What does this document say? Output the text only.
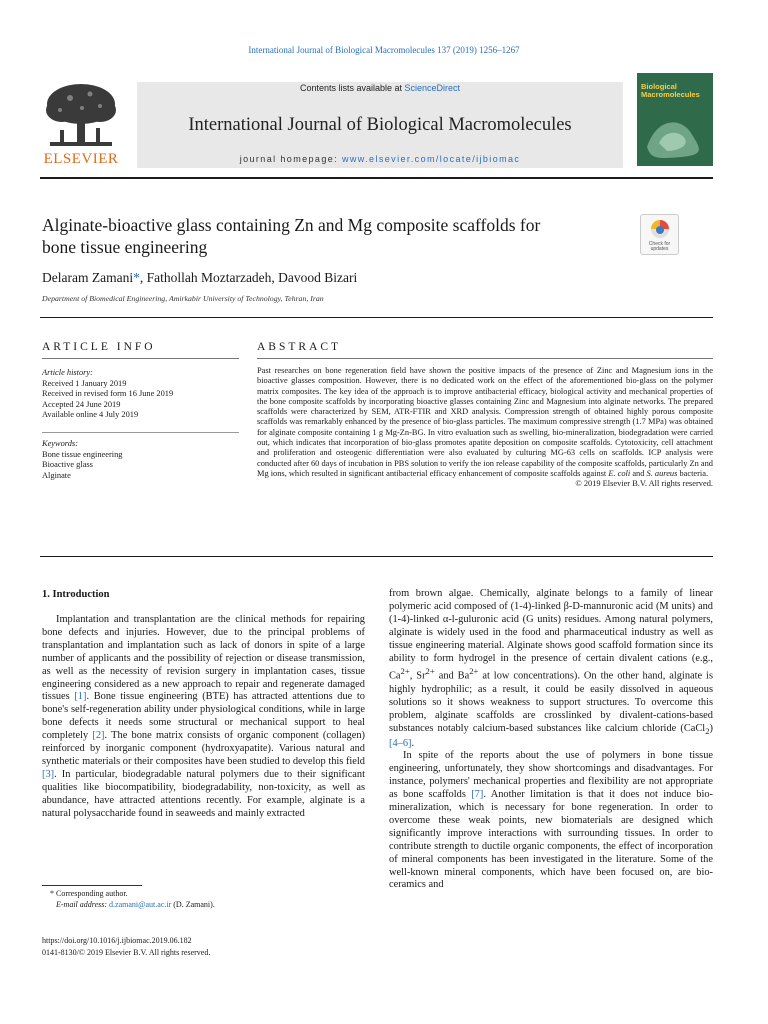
International Journal of Biological Macromolecules 137 (2019) 1256–1267
ELSEVIER
Contents lists available at ScienceDirect
International Journal of Biological Macromolecules
journal homepage: www.elsevier.com/locate/ijbiomac
Biological
Macromolecules
Alginate-bioactive glass containing Zn and Mg composite scaffolds for
bone tissue engineering	Check for
updates
Delaram Zamani*, Fathollah Moztarzadeh, Davood Bizari
Department of Biomedical Engineering, Amirkabir University of Technology, Tehran, Iran
ARTICLE INFO
Article history:
Received 1 January 2019
Received in revised form 16 June 2019
Accepted 24 June 2019
Available online 4 July 2019
Keywords:
Bone tissue engineering
Bioactive glass
Alginate
ABSTRACT
Past researches on bone regeneration field have shown the positive impacts of the presence of Zinc and Magnesium ions in the bioactive glasses composition. However, there is no dedicated work on the effect of the aforementioned bio-glass on the polymer matrix composites. The key idea of the approach is to improve antibacterial efficacy, biological activity and mechanical properties of the bone composite scaffolds by incorporating bioactive glasses containing Zinc and Magnesium into alginate networks. The prepared scaffolds were characterized by SEM, ATR-FTIR and XRD analysis. Compression strength of obtained highly porous composite scaffolds was remarkably enhanced by the presence of bio-glass particles. The maximum compressive strength (1.7 MPa) was obtained for alginate composite containing 1 g Mg-Zn-BG. In vitro evaluation such as swelling, bio-mineralization, biodegradation were carried out, which indicates that incorporation of bio-glass promotes apatite deposition on composite scaffolds. Cytotoxicity, cell attachment and proliferation and osteogenic differentiation were also evaluated by culturing MG-63 cells on scaffolds. ICP analysis were conducted after 60 days of incubation in PBS solution to verify the ion release capability of the composite scaffolds, particularly Zn and Mg ions, which resulted in significant antibacterial efficacy enhancement of composite scaffolds against E. coli and S. aureus bacteria.
© 2019 Elsevier B.V. All rights reserved.
1. Introduction

Implantation and transplantation are the clinical methods for repairing bone defects and injuries. However, due to the principal problems of transplantation and implantation such as lack of donors in spite of a large number of applicants and the possibility of rejection or disease transmission, as well as the necessity of revision surgery in implantation cases, tissue engineering considered as a new approach to repair and regenerate damaged tissues [1]. Bone tissue engineering (BTE) has attracted attentions due to bone's self-regeneration ability under physiological conditions, while in large bone defects it needs some structural or mechanical support to heal completely [2]. The bone matrix consists of organic component (collagen) reinforced by inorganic component (hydroxyapatite). Various natural and synthetic materials or their composites have been studied to develop this field [3]. In particular, biodegradable natural polymers due to their significant qualities like biocompatibility, biodegradability, non-toxicity, as well as abundance, have attracted attentions recently. For example, alginate is a natural polysaccharide found in seaweeds and mainly extracted

from brown algae. Chemically, alginate belongs to a family of linear polymeric acid composed of (1-4)-linked β-D-mannuronic acid (M units) and (1-4)-linked α-l-guluronic acid (G units) residues. Among natural polymers, alginate is widely used in the food and pharmaceutical industry as well as tissue engineering material. Alginate shows good scaffold formation since its ability to form hydrogel in the presence of certain divalent cations (e.g., $Ca^{2+}$, $Sr^{2+}$ and $Ba^{2+}$ at low concentrations). On the other hand, alginate is highly hydrophilic; as a result, it could be easily dissolved in aqueous solutions so it shows weakness to support structures. To overcome this problem, alginate scaffolds are crosslinked by divalent-cations-based substances notably calcium-based substances like calcium chloride (CaCl$_2$) [4–6].

In spite of the reports about the use of polymers in bone tissue engineering, unfortunately, they show shortcomings and disadvantages. For instance, polymers' mechanical properties and flexibility are not appropriate as bone scaffolds [7]. Another limitation is that it does not induce bio-mineralization, which is necessary for bone regeneration. In order to overcome these weak points, new biomaterials are designed which significantly improve interactions with surrounding tissues. In order to contribute strength to ductile organic components, the effect of incorporation of mineral components has been investigated in the literature. Some of the well-known mineral components, which have been focused on, are bio-ceramics and

* Corresponding author.
E-mail address: d.zamani@aut.ac.ir (D. Zamani).
https://doi.org/10.1016/j.ijbiomac.2019.06.182
0141-8130/© 2019 Elsevier B.V. All rights reserved.
